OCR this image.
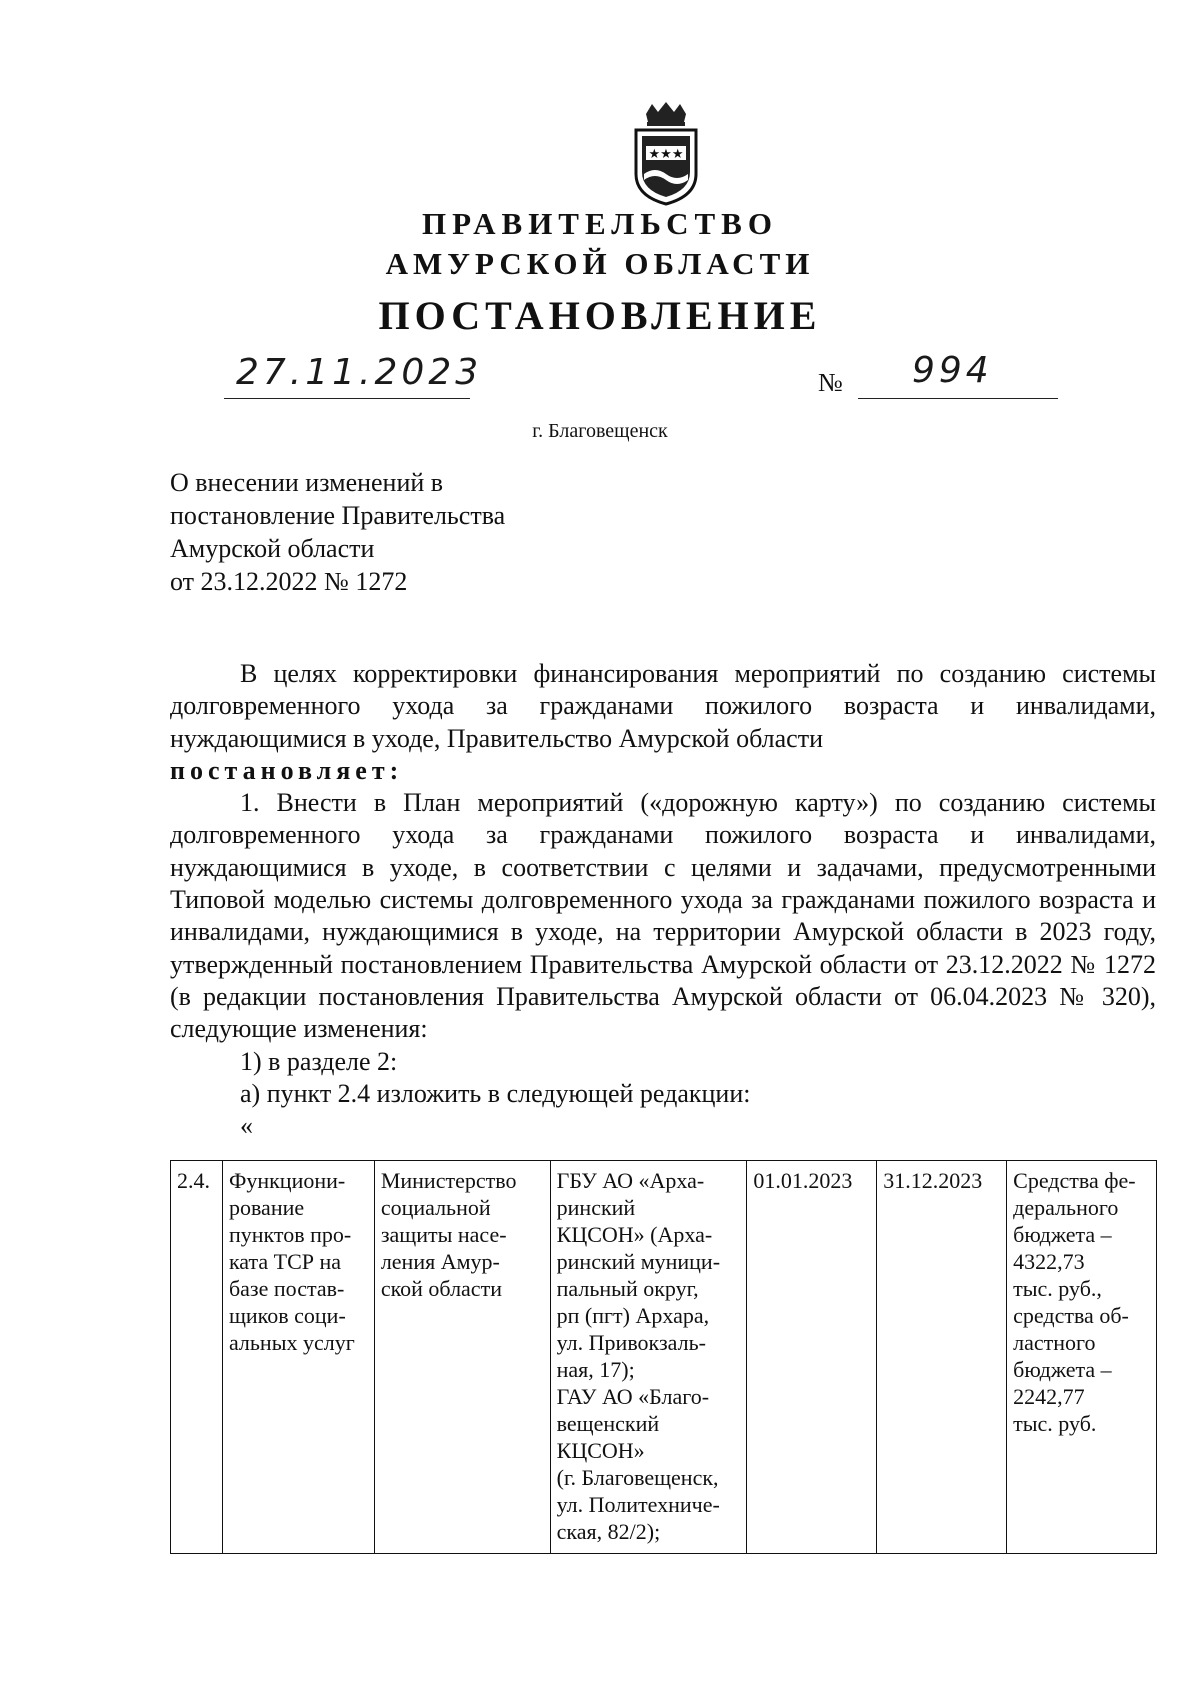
★★★
ПРАВИТЕЛЬСТВО
АМУРСКОЙ ОБЛАСТИ
ПОСТАНОВЛЕНИЕ
27.11.2023	№ 994
г. Благовещенск
О внесении изменений в
постановление Правительства
Амурской области
от 23.12.2022 № 1272

В целях корректировки финансирования мероприятий по созданию системы долговременного ухода за гражданами пожилого возраста и инвалидами, нуждающимися в уходе, Правительство Амурской области

постановляет:

1. Внести в План мероприятий («дорожную карту») по созданию системы долговременного ухода за гражданами пожилого возраста и инвалидами, нуждающимися в уходе, в соответствии с целями и задачами, предусмотренными Типовой моделью системы долговременного ухода за гражданами пожилого возраста и инвалидами, нуждающимися в уходе, на территории Амурской области в 2023 году, утвержденный постановлением Правительства Амурской области от 23.12.2022 № 1272 (в редакции постановления Правительства Амурской области от 06.04.2023 № 320), следующие изменения:

1) в разделе 2:

а) пункт 2.4 изложить в следующей редакции:

«

2.4.	Функциони-
рование
пунктов про-
ката ТСР на
базе постав-
щиков соци-
альных услуг	Министерство
социальной
защиты насе-
ления Амур-
ской области	ГБУ АО «Арха-
ринский
КЦСОН» (Арха-
ринский муници-
пальный округ,
рп (пгт) Архара,
ул. Привокзаль-
ная, 17);
ГАУ АО «Благо-
вещенский
КЦСОН»
(г. Благовещенск,
ул. Политехниче-
ская, 82/2);	01.01.2023	31.12.2023	Средства фе-
дерального
бюджета –
4322,73
тыс. руб.,
средства об-
ластного
бюджета –
2242,77
тыс. руб.
